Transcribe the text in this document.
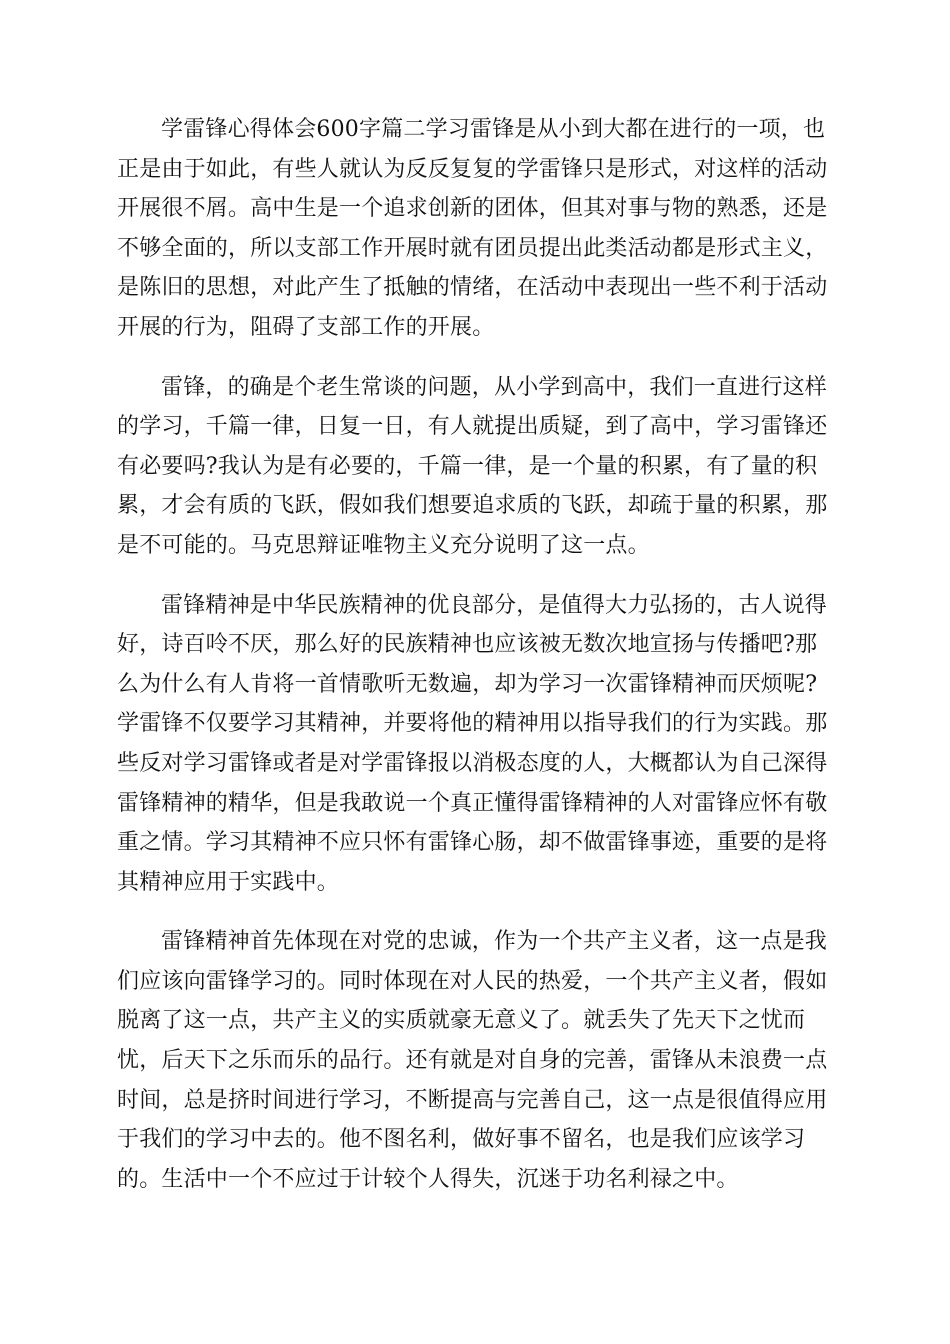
学雷锋心得体会600字篇二学习雷锋是从小到大都在进行的一项，也
正是由于如此，有些人就认为反反复复的学雷锋只是形式，对这样的活动
开展很不屑。高中生是一个追求创新的团体，但其对事与物的熟悉，还是
不够全面的，所以支部工作开展时就有团员提出此类活动都是形式主义，
是陈旧的思想，对此产生了抵触的情绪，在活动中表现出一些不利于活动
开展的行为，阻碍了支部工作的开展。

雷锋，的确是个老生常谈的问题，从小学到高中，我们一直进行这样
的学习，千篇一律，日复一日，有人就提出质疑，到了高中，学习雷锋还
有必要吗?我认为是有必要的，千篇一律，是一个量的积累，有了量的积
累，才会有质的飞跃，假如我们想要追求质的飞跃，却疏于量的积累，那
是不可能的。马克思辩证唯物主义充分说明了这一点。

雷锋精神是中华民族精神的优良部分，是值得大力弘扬的，古人说得
好，诗百呤不厌，那么好的民族精神也应该被无数次地宣扬与传播吧?那
么为什么有人肯将一首情歌听无数遍，却为学习一次雷锋精神而厌烦呢?
学雷锋不仅要学习其精神，并要将他的精神用以指导我们的行为实践。那
些反对学习雷锋或者是对学雷锋报以消极态度的人，大概都认为自己深得
雷锋精神的精华，但是我敢说一个真正懂得雷锋精神的人对雷锋应怀有敬
重之情。学习其精神不应只怀有雷锋心肠，却不做雷锋事迹，重要的是将
其精神应用于实践中。

雷锋精神首先体现在对党的忠诚，作为一个共产主义者，这一点是我
们应该向雷锋学习的。同时体现在对人民的热爱，一个共产主义者，假如
脱离了这一点，共产主义的实质就豪无意义了。就丢失了先天下之忧而
忧，后天下之乐而乐的品行。还有就是对自身的完善，雷锋从未浪费一点
时间，总是挤时间进行学习，不断提高与完善自己，这一点是很值得应用
于我们的学习中去的。他不图名利，做好事不留名，也是我们应该学习
的。生活中一个不应过于计较个人得失，沉迷于功名利禄之中。
